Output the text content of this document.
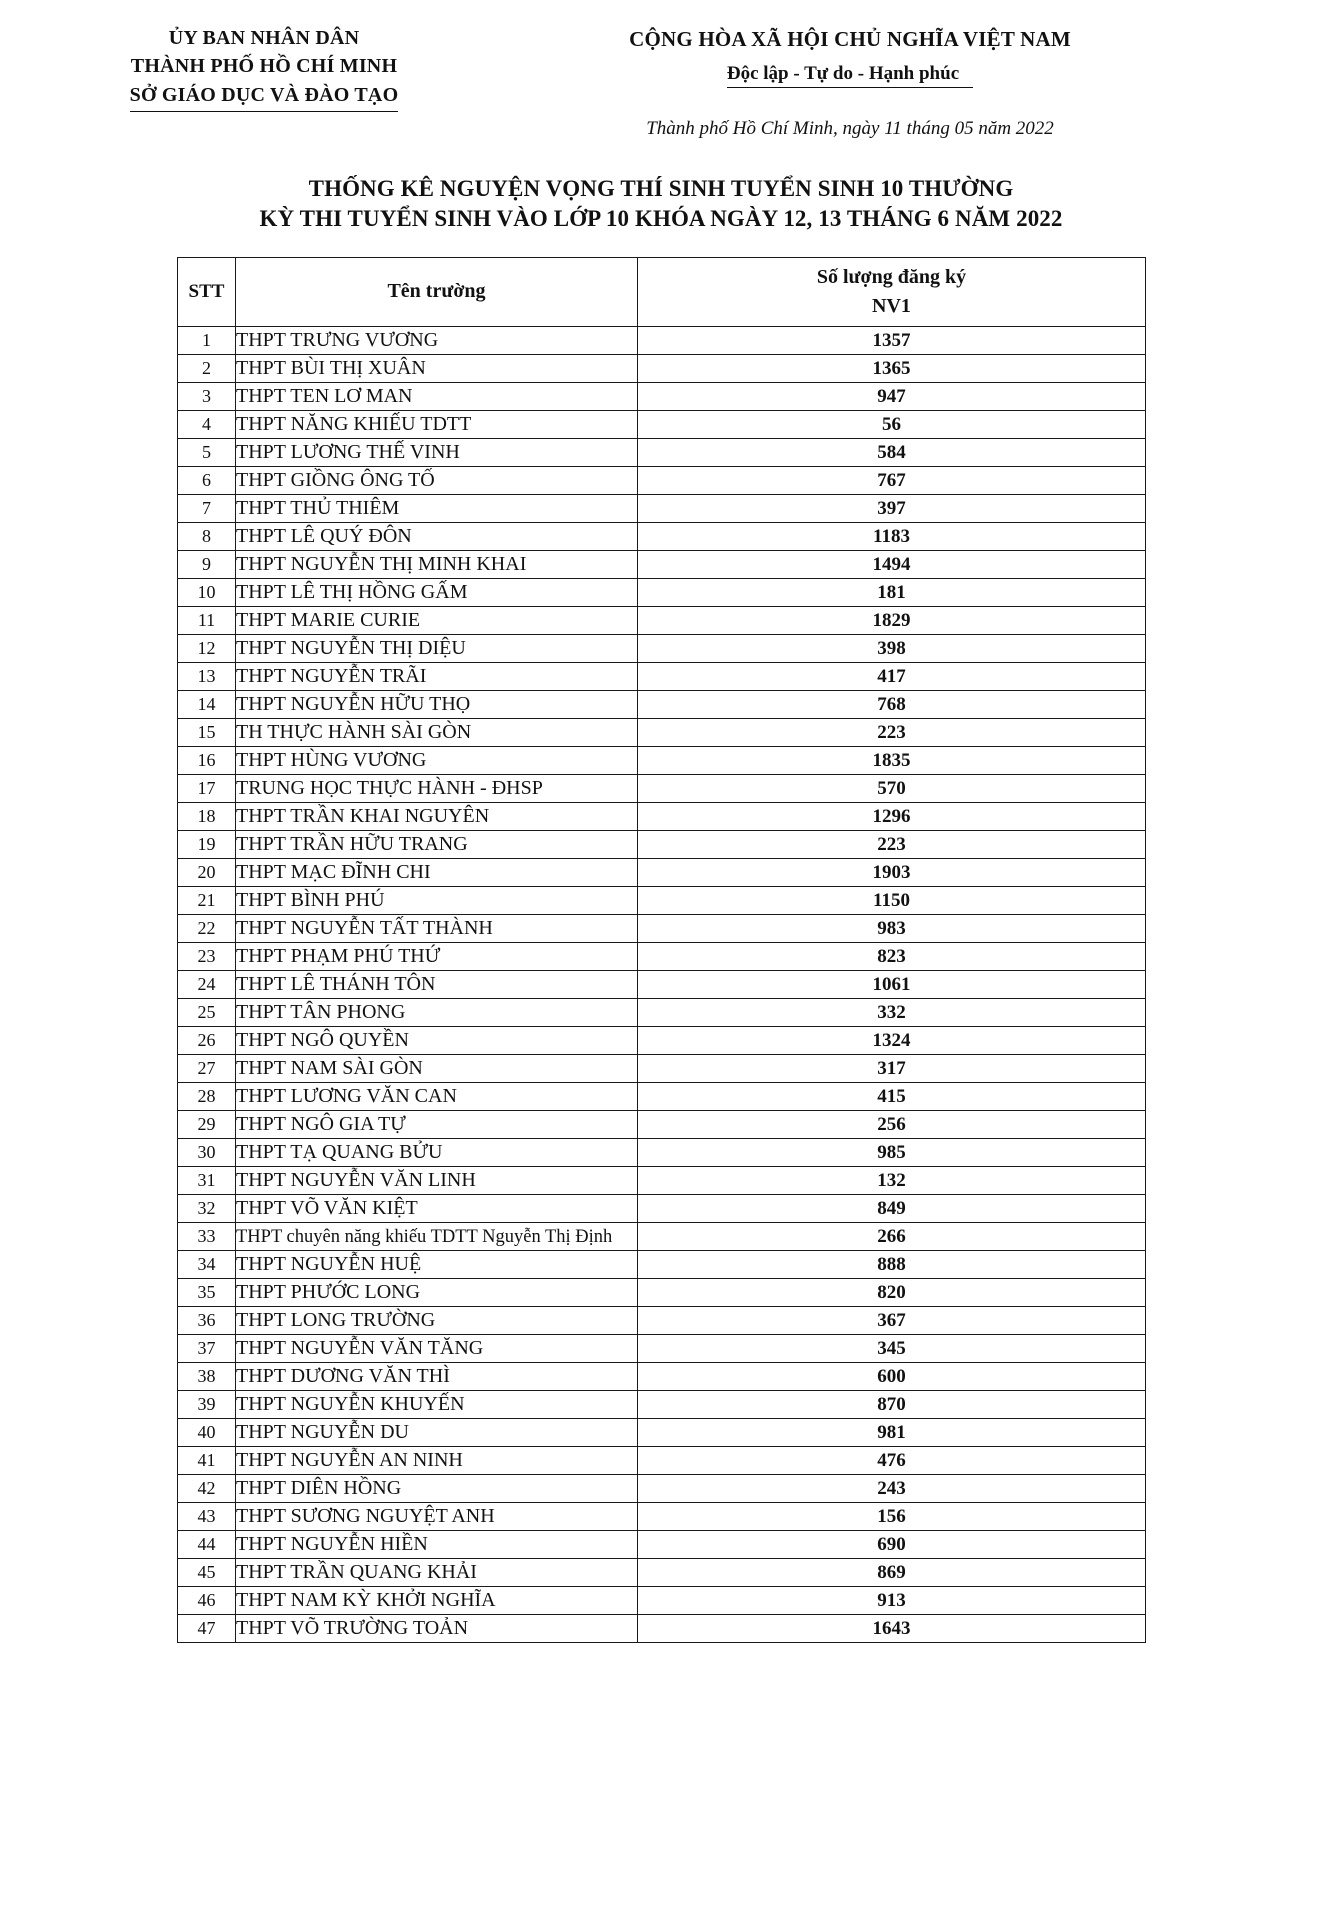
ỦY BAN NHÂN DÂN
THÀNH PHỐ HỒ CHÍ MINH
SỞ GIÁO DỤC VÀ ĐÀO TẠO
CỘNG HÒA XÃ HỘI CHỦ NGHĨA VIỆT NAM
Độc lập - Tự do - Hạnh phúc
Thành phố Hồ Chí Minh, ngày 11 tháng 05 năm 2022
THỐNG KÊ NGUYỆN VỌNG THÍ SINH TUYỂN SINH 10 THƯỜNG
KỲ THI TUYỂN SINH VÀO LỚP 10 KHÓA NGÀY 12, 13 THÁNG 6 NĂM 2022
STT	Tên trường	Số lượng đăng ký
NV1

1	THPT TRƯNG VƯƠNG	1357
2	THPT BÙI THỊ XUÂN	1365
3	THPT TEN LƠ MAN	947
4	THPT NĂNG KHIẾU TDTT	56
5	THPT LƯƠNG THẾ VINH	584
6	THPT GIỒNG ÔNG TỐ	767
7	THPT THỦ THIÊM	397
8	THPT LÊ QUÝ ĐÔN	1183
9	THPT NGUYỄN THỊ MINH KHAI	1494
10	THPT LÊ THỊ HỒNG GẤM	181
11	THPT MARIE CURIE	1829
12	THPT NGUYỄN THỊ DIỆU	398
13	THPT NGUYỄN TRÃI	417
14	THPT NGUYỄN HỮU THỌ	768
15	TH THỰC HÀNH SÀI GÒN	223
16	THPT HÙNG VƯƠNG	1835
17	TRUNG HỌC THỰC HÀNH - ĐHSP	570
18	THPT TRẦN KHAI NGUYÊN	1296
19	THPT TRẦN HỮU TRANG	223
20	THPT MẠC ĐĨNH CHI	1903
21	THPT BÌNH PHÚ	1150
22	THPT NGUYỄN TẤT THÀNH	983
23	THPT PHẠM PHÚ THỨ	823
24	THPT LÊ THÁNH TÔN	1061
25	THPT TÂN PHONG	332
26	THPT NGÔ QUYỀN	1324
27	THPT NAM SÀI GÒN	317
28	THPT LƯƠNG VĂN CAN	415
29	THPT NGÔ GIA TỰ	256
30	THPT TẠ QUANG BỬU	985
31	THPT NGUYỄN VĂN LINH	132
32	THPT VÕ VĂN KIỆT	849
33	THPT chuyên năng khiếu TDTT Nguyễn Thị Định	266
34	THPT NGUYỄN HUỆ	888
35	THPT PHƯỚC LONG	820
36	THPT LONG TRƯỜNG	367
37	THPT NGUYỄN VĂN TĂNG	345
38	THPT DƯƠNG VĂN THÌ	600
39	THPT NGUYỄN KHUYẾN	870
40	THPT NGUYỄN DU	981
41	THPT NGUYỄN AN NINH	476
42	THPT DIÊN HỒNG	243
43	THPT SƯƠNG NGUYỆT ANH	156
44	THPT NGUYỄN HIỀN	690
45	THPT TRẦN QUANG KHẢI	869
46	THPT NAM KỲ KHỞI NGHĨA	913
47	THPT VÕ TRƯỜNG TOẢN	1643
